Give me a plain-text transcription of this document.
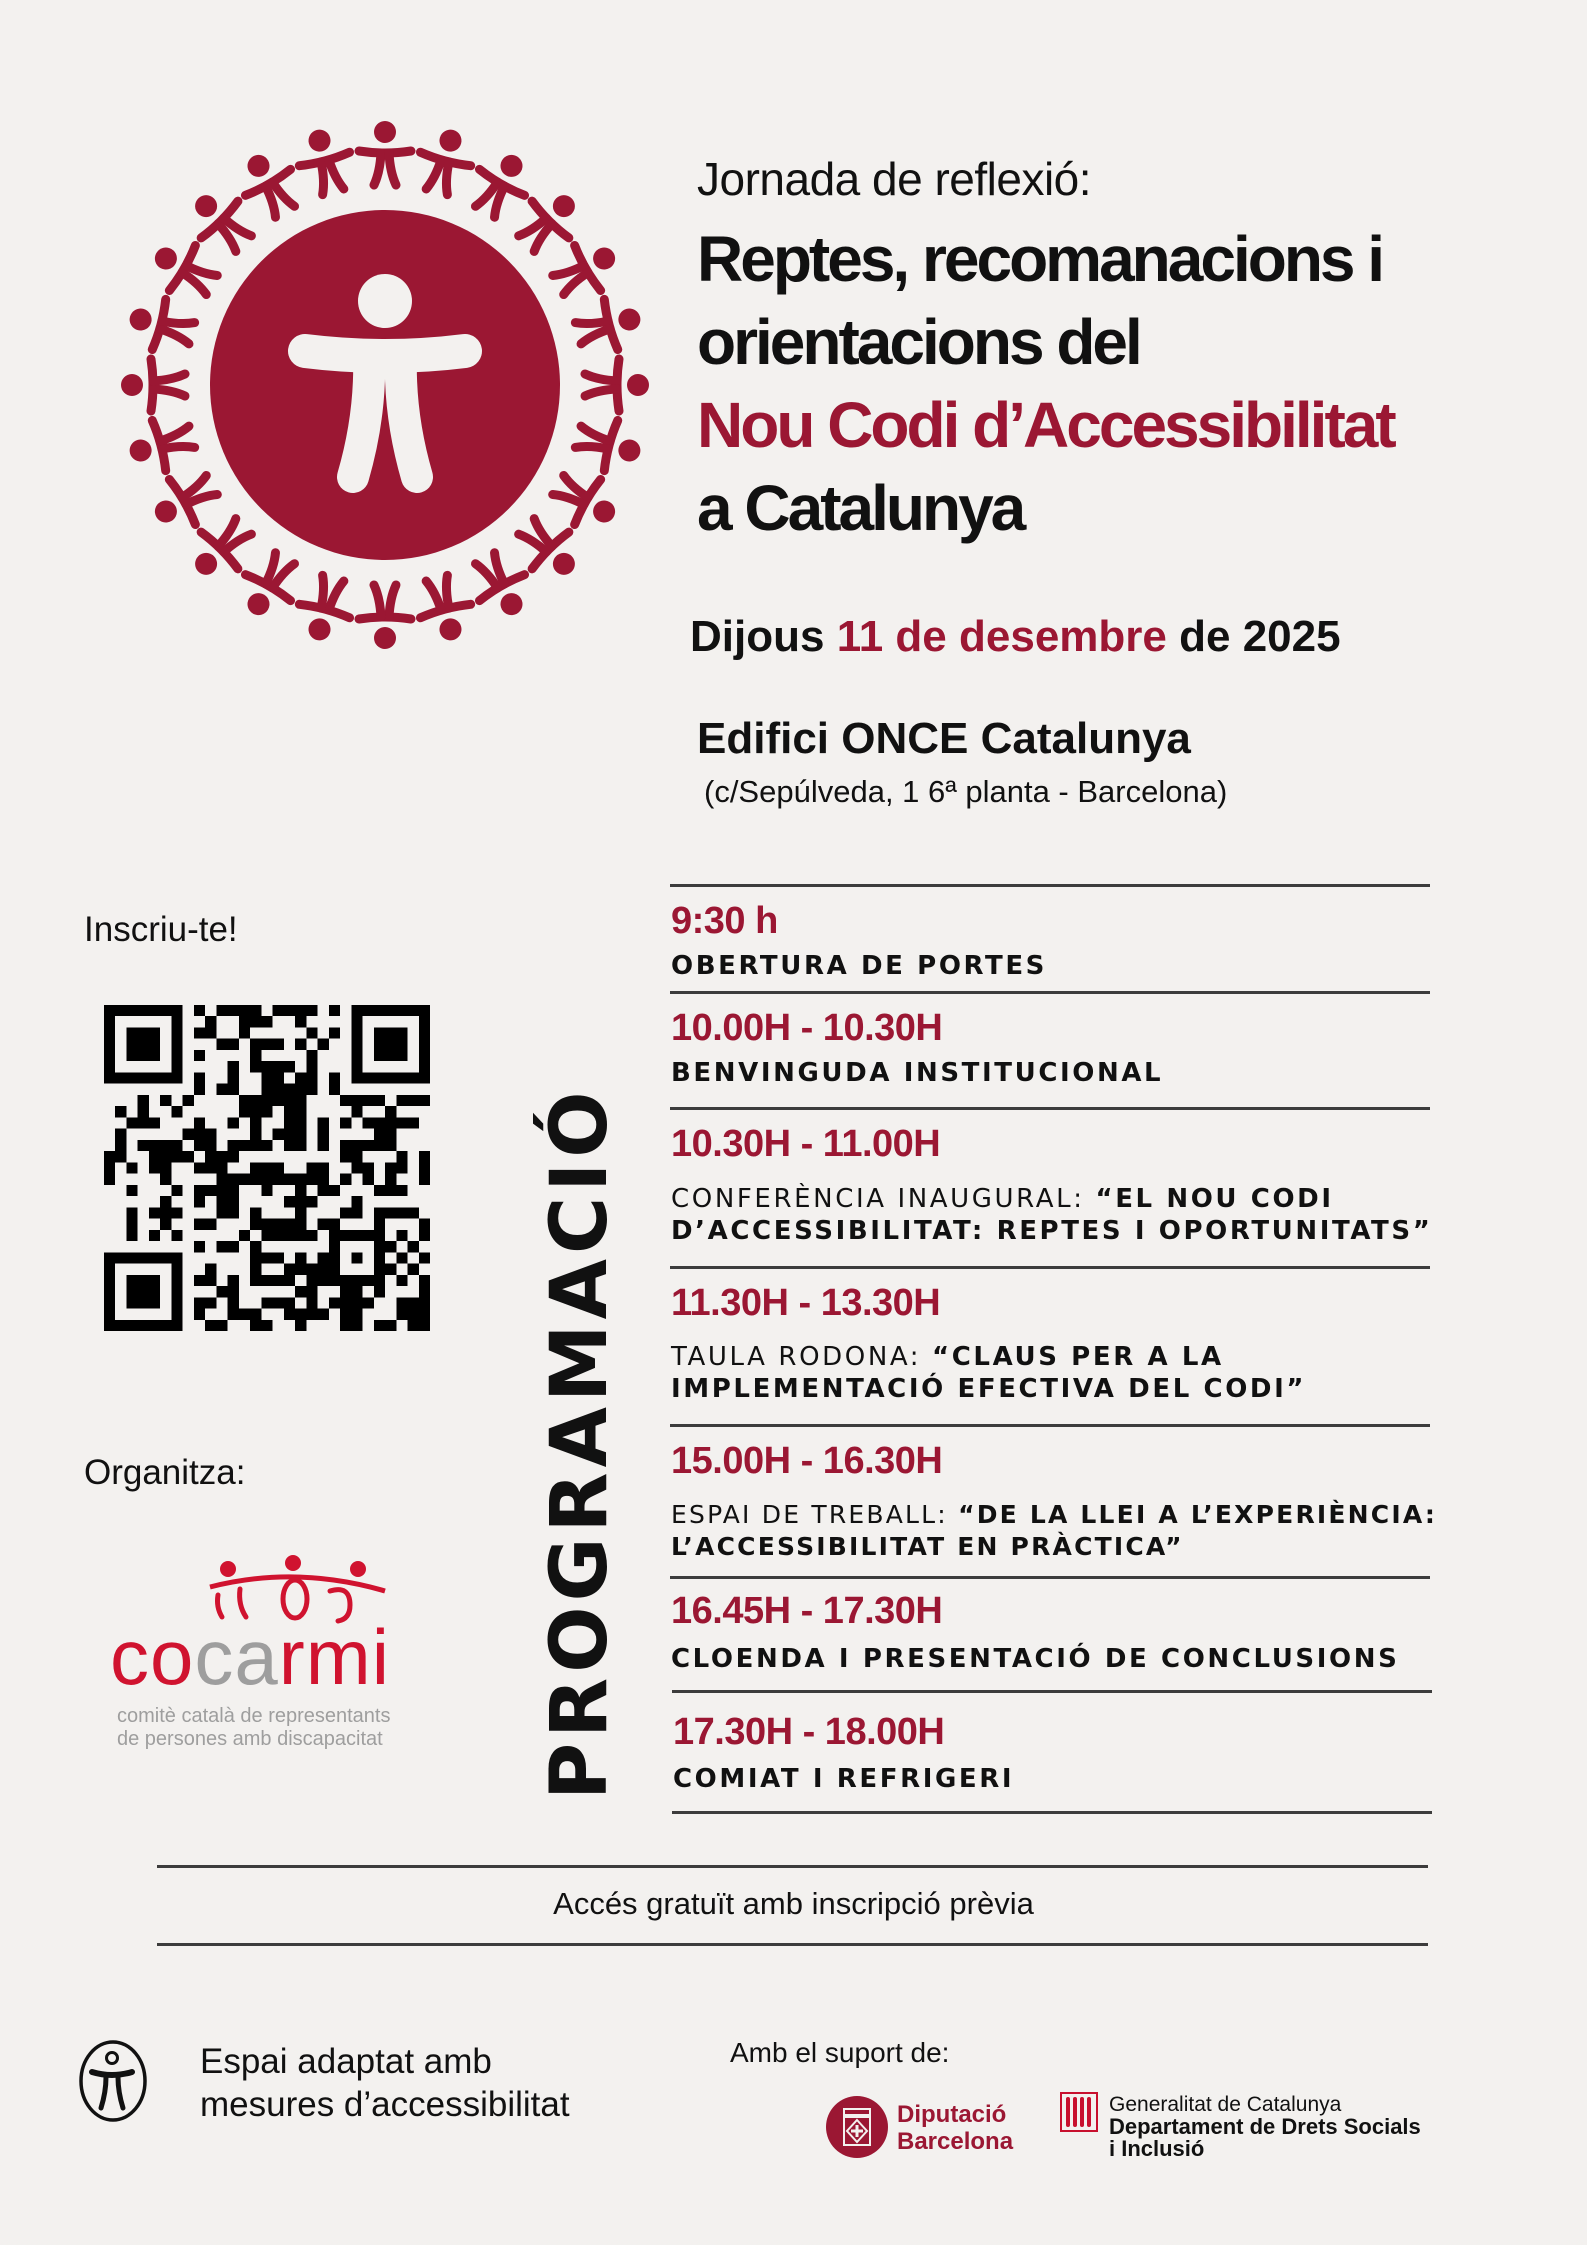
Jornada de reflexió:
Reptes, recomanacions i
orientacions del
Nou Codi d’Accessibilitat
a Catalunya
Dijous 11 de desembre de 2025
Edifici ONCE Catalunya
(c/Sepúlveda, 1 6ª planta - Barcelona)
Inscriu-te!
Organitza:
cocarmi
comitè català de representants
de persones amb discapacitat PROGRAMACIÓ
9:30 h
OBERTURA DE PORTES
10.00H - 10.30H
BENVINGUDA INSTITUCIONAL
10.30H - 11.00H
CONFERÈNCIA INAUGURAL: “EL NOU CODI
D’ACCESSIBILITAT: REPTES I OPORTUNITATS”
11.30H - 13.30H
TAULA RODONA: “CLAUS PER A LA
IMPLEMENTACIÓ EFECTIVA DEL CODI”
15.00H - 16.30H
ESPAI DE TREBALL: “DE LA LLEI A L’EXPERIÈNCIA:
L’ACCESSIBILITAT EN PRÀCTICA”
16.45H - 17.30H
CLOENDA I PRESENTACIÓ DE CONCLUSIONS
17.30H - 18.00H
COMIAT I REFRIGERI
Accés gratuït amb inscripció prèvia
Espai adaptat amb
mesures d’accessibilitat
Amb el suport de:
Diputació
Barcelona
Generalitat de Catalunya
Departament de Drets Socials
i Inclusió
